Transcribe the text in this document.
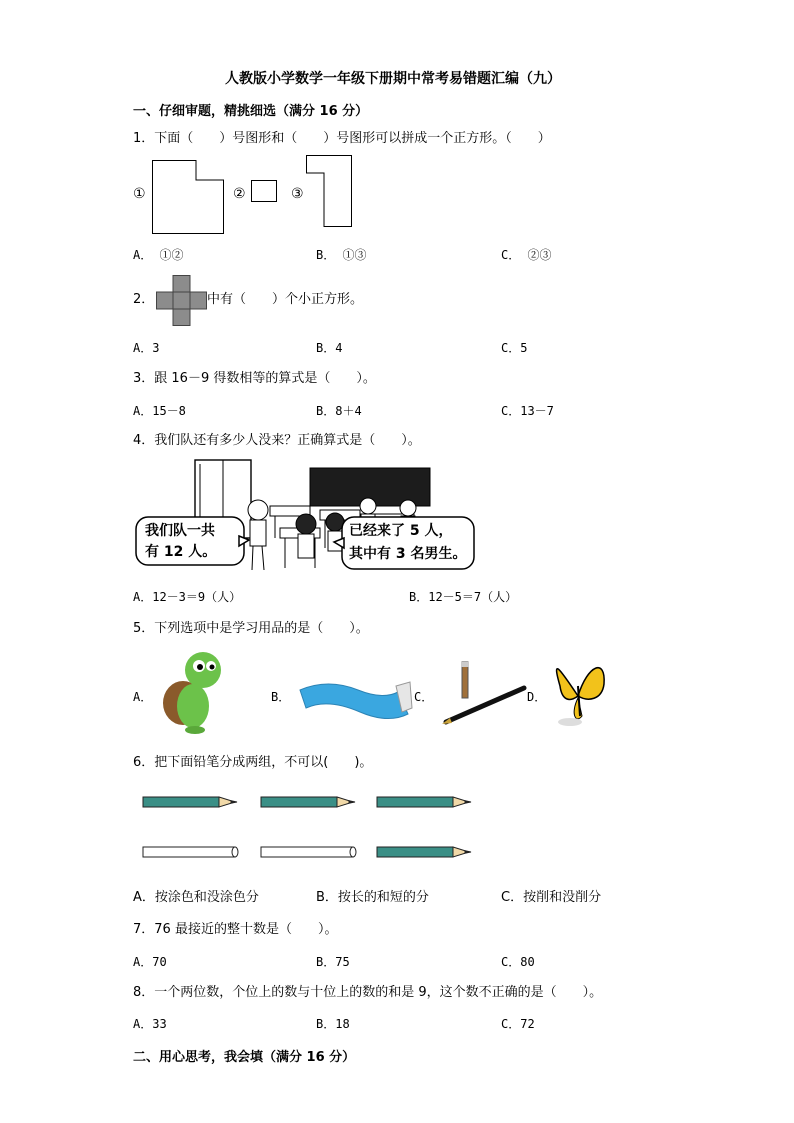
人教版小学数学一年级下册期中常考易错题汇编（九）
一、仔细审题，精挑细选（满分 16 分）
1．下面（　　）号图形和（　　）号图形可以拼成一个正方形。（　　）
①	②	③
A． ①②	B． ①③	C． ②③
2．	中有（　　）个小正方形。
A．3	B．4	C．5
3．跟 16－9 得数相等的算式是（　　）。
A．15－8	B．8＋4	C．13－7
4．我们队还有多少人没来？正确算式是（　　）。
我们队一共
有 12 人。
已经来了 5 人，
其中有 3 名男生。
A．12－3＝9（人）	B．12－5＝7（人）
5．下列选项中是学习用品的是（　　）。
A．	B．	C．	D．
6．把下面铅笔分成两组，不可以(　　)。
A．按涂色和没涂色分	B．按长的和短的分	C．按削和没削分
7．76 最接近的整十数是（　　）。
A．70	B．75	C．80
8．一个两位数，个位上的数与十位上的数的和是 9，这个数不正确的是（　　）。
A．33	B．18	C．72
二、用心思考，我会填（满分 16 分）
